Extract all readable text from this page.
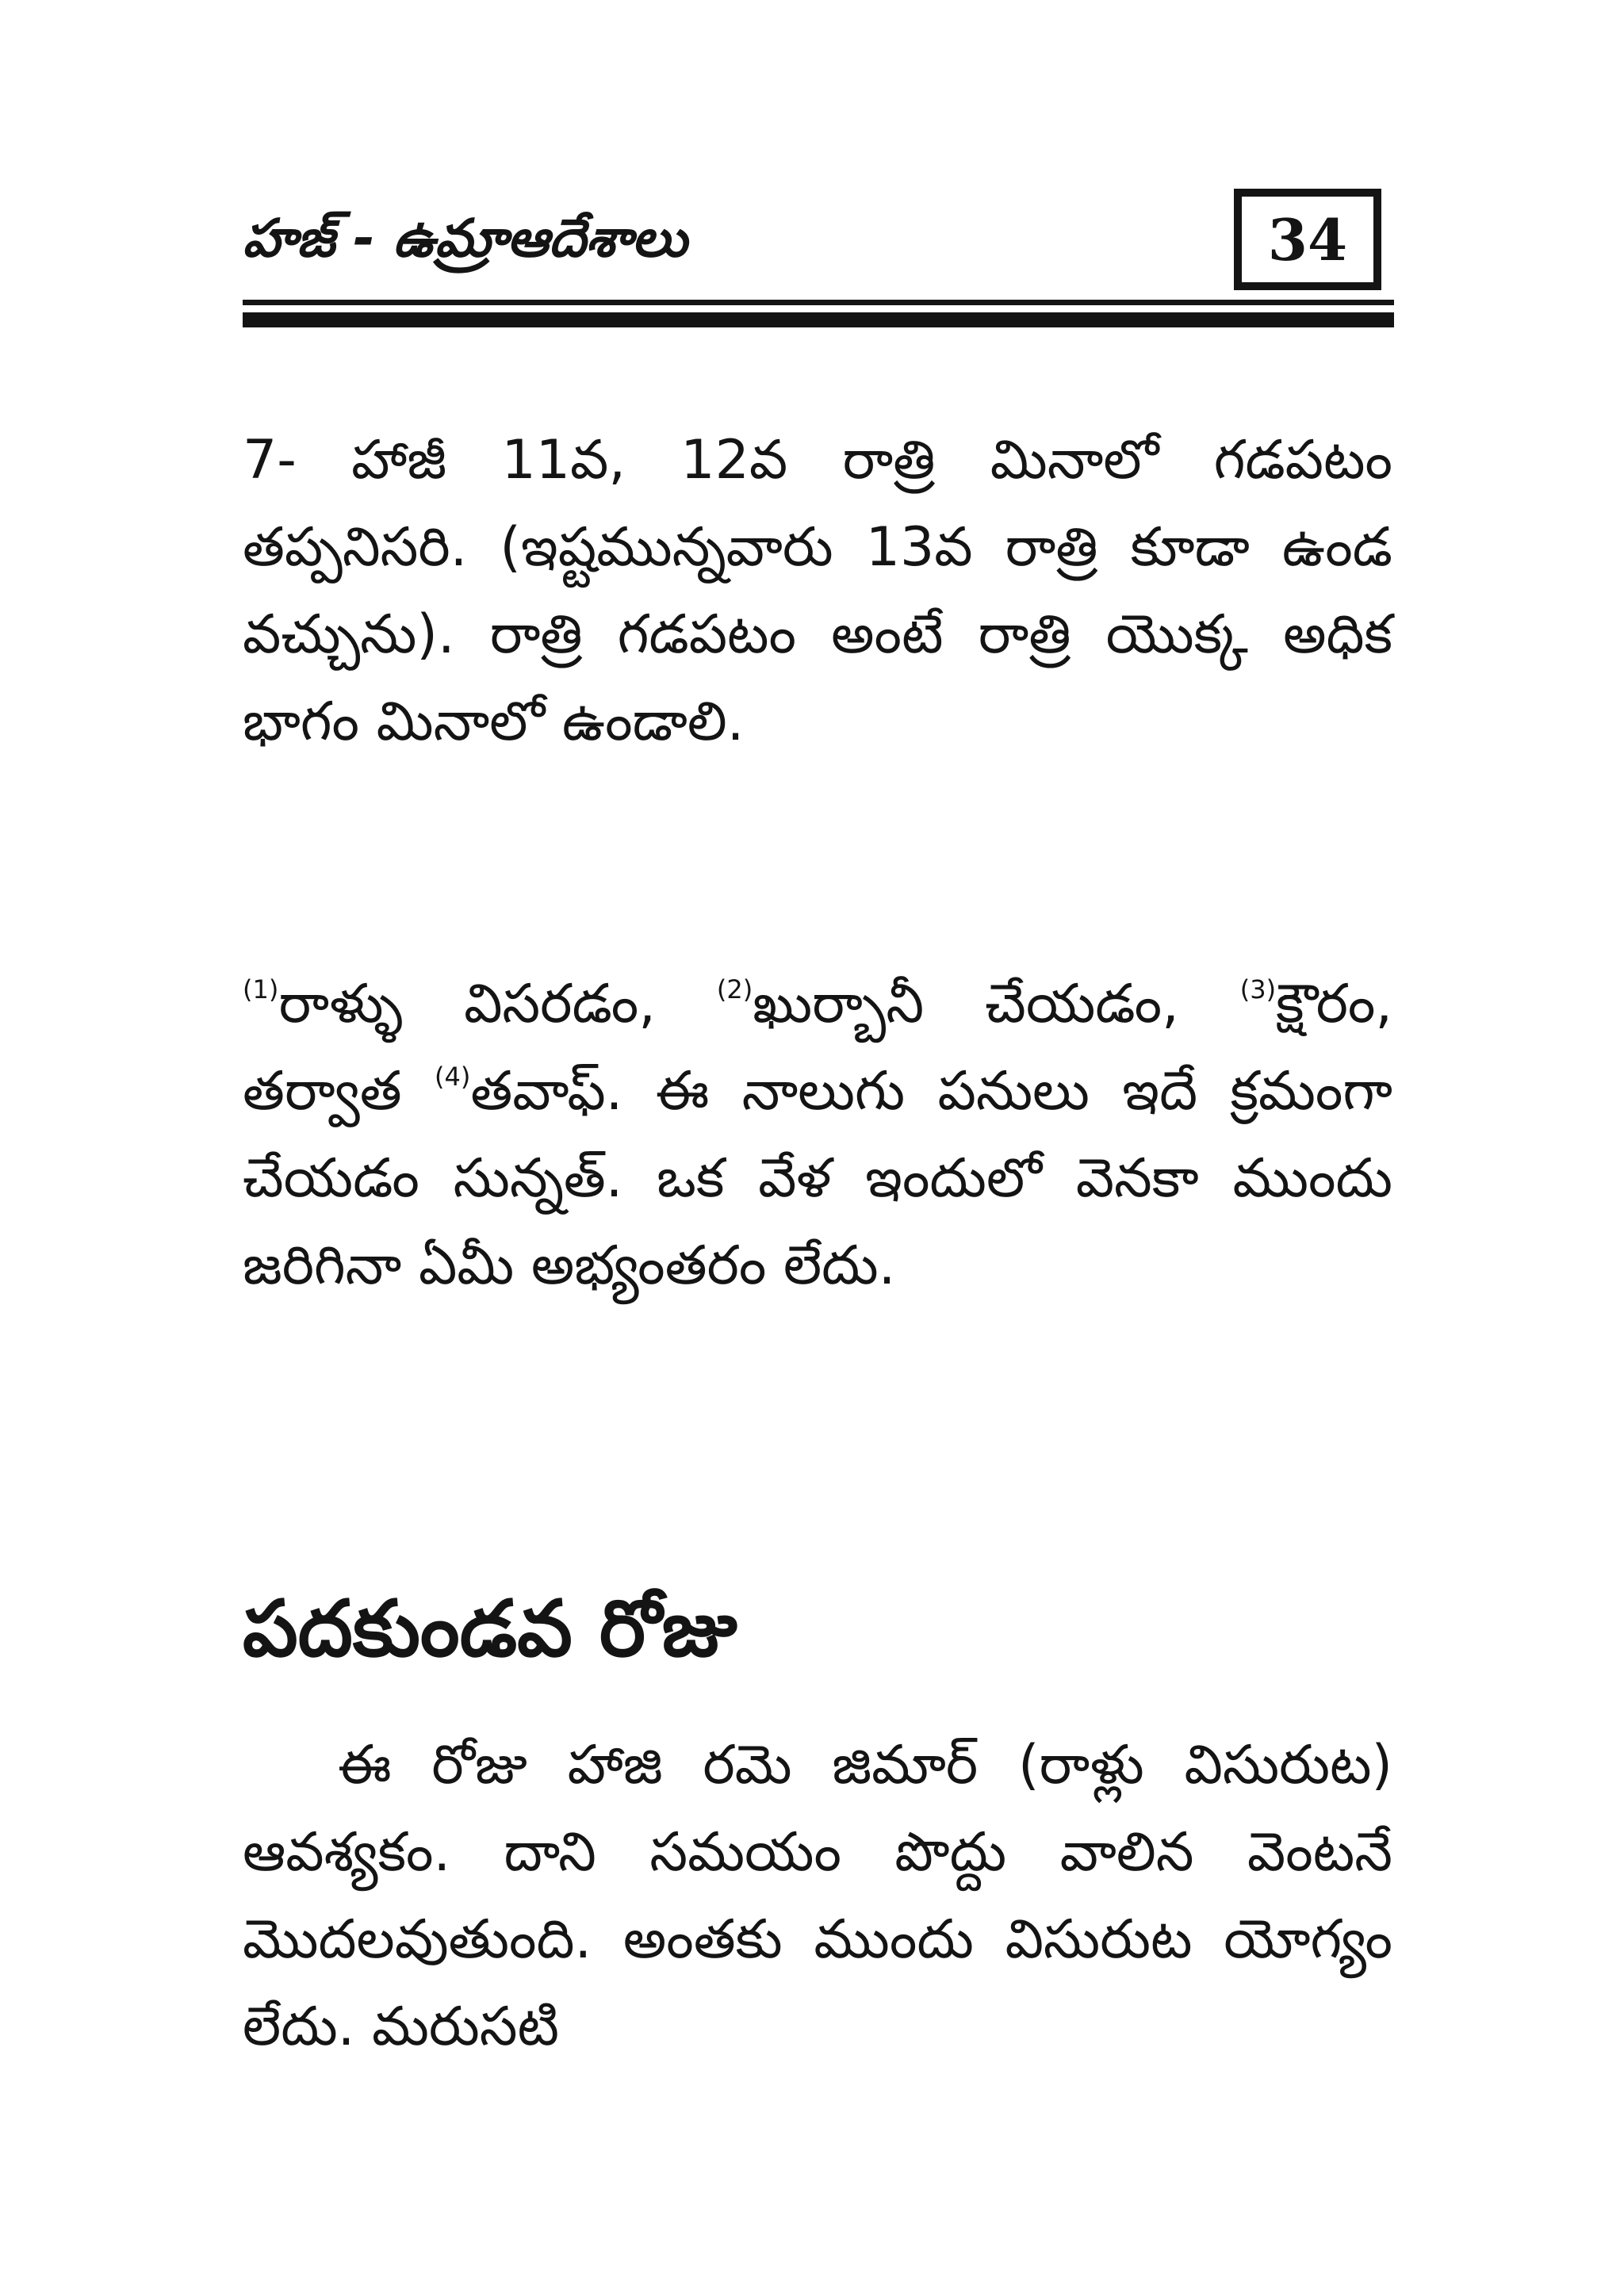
హజ్ - ఉమ్రాఆదేశాలు	34
7- హాజీ 11వ, 12వ రాత్రి మినాలో గడపటం తప్పనిసరి. (ఇష్టమున్నవారు 13వ రాత్రి కూడా ఉండ వచ్చును). రాత్రి గడపటం అంటే రాత్రి యొక్క అధిక భాగం మినాలో ఉండాలి.
$^{(1)}$రాళ్ళు విసరడం, $^{(2)}$ఖుర్బానీ చేయడం, $^{(3)}$క్షౌరం, తర్వాత $^{(4)}$తవాఫ్. ఈ నాలుగు పనులు ఇదే క్రమంగా చేయడం సున్నత్. ఒక వేళ ఇందులో వెనకా ముందు జరిగినా ఏమీ అభ్యంతరం లేదు.
పదకుండవ రోజు
ఈ రోజు హాజి రమె జిమార్ (రాళ్లు విసురుట) ఆవశ్యకం. దాని సమయం పొద్దు వాలిన వెంటనే మొదలవుతుంది. అంతకు ముందు విసురుట యోగ్యం లేదు. మరుసటి
